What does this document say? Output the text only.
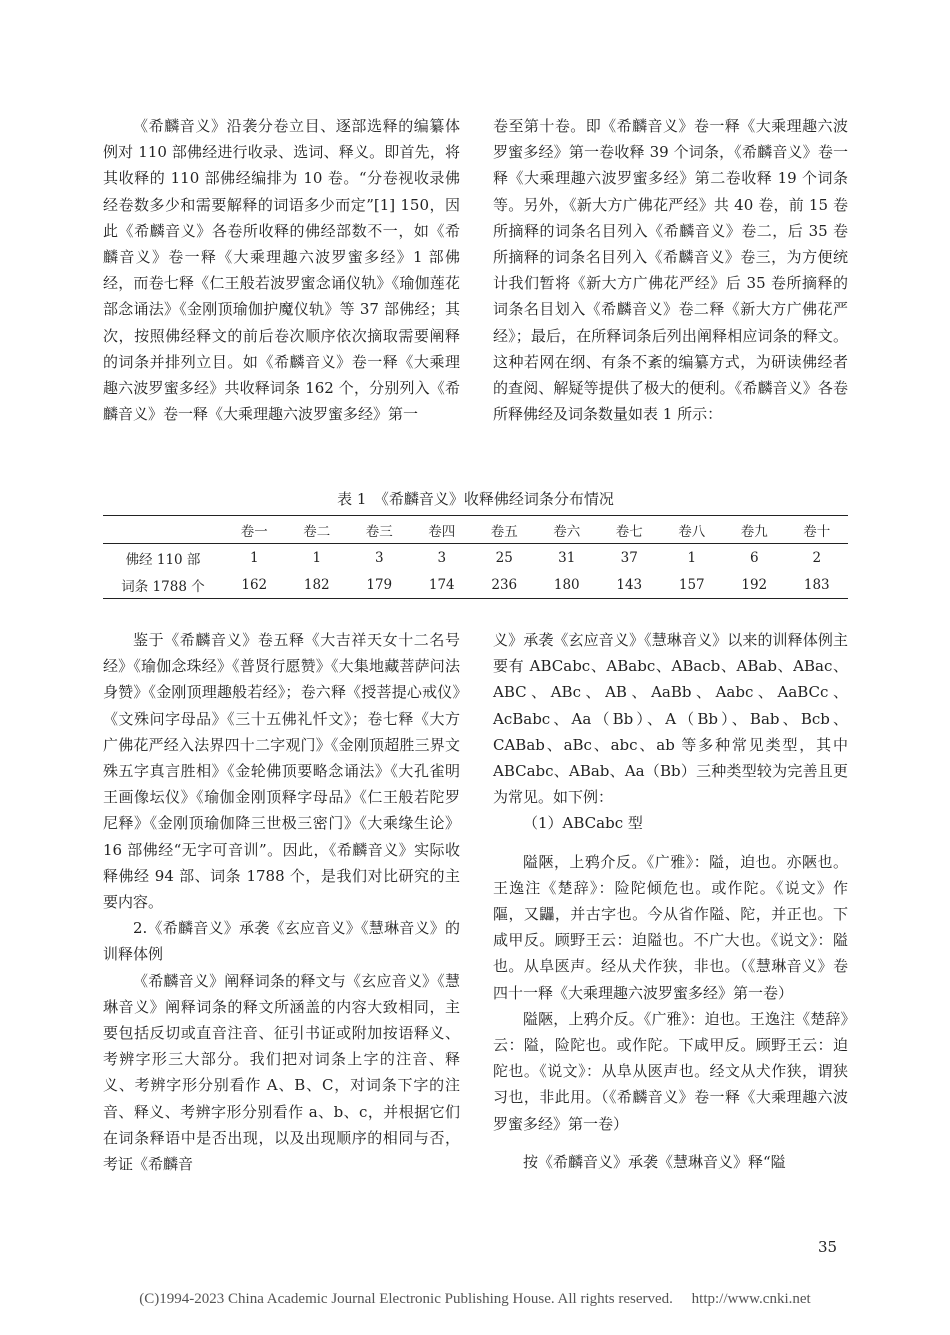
《希麟音义》沿袭分卷立目、逐部选释的编纂体例对 110 部佛经进行收录、选词、释义。即首先，将其收释的 110 部佛经编排为 10 卷。“分卷视收录佛经卷数多少和需要解释的词语多少而定”[1] 150，因此《希麟音义》各卷所收释的佛经部数不一，如《希麟音义》卷一释《大乘理趣六波罗蜜多经》1 部佛经，而卷七释《仁王般若波罗蜜念诵仪轨》《瑜伽莲花部念诵法》《金刚顶瑜伽护魔仪轨》等 37 部佛经；其次，按照佛经释文的前后卷次顺序依次摘取需要阐释的词条并排列立目。如《希麟音义》卷一释《大乘理趣六波罗蜜多经》共收释词条 162 个，分别列入《希麟音义》卷一释《大乘理趣六波罗蜜多经》第一

卷至第十卷。即《希麟音义》卷一释《大乘理趣六波罗蜜多经》第一卷收释 39 个词条，《希麟音义》卷一释《大乘理趣六波罗蜜多经》第二卷收释 19 个词条等。另外，《新大方广佛花严经》共 40 卷，前 15 卷所摘释的词条名目列入《希麟音义》卷二，后 35 卷所摘释的词条名目列入《希麟音义》卷三，为方便统计我们暂将《新大方广佛花严经》后 35 卷所摘释的词条名目划入《希麟音义》卷二释《新大方广佛花严经》；最后，在所释词条后列出阐释相应词条的释文。这种若网在纲、有条不紊的编纂方式，为研读佛经者的查阅、解疑等提供了极大的便利。《希麟音义》各卷所释佛经及词条数量如表 1 所示：

表 1　《希麟音义》收释佛经词条分布情况
	卷一	卷二	卷三	卷四	卷五	卷六	卷七	卷八	卷九	卷十
佛经 110 部	1	1	3	3	25	31	37	1	6	2
词条 1788 个	162	182	179	174	236	180	143	157	192	183

鉴于《希麟音义》卷五释《大吉祥天女十二名号经》《瑜伽念珠经》《普贤行愿赞》《大集地藏菩萨问法身赞》《金刚顶理趣般若经》；卷六释《授菩提心戒仪》《文殊问字母品》《三十五佛礼忏文》；卷七释《大方广佛花严经入法界四十二字观门》《金刚顶超胜三界文殊五字真言胜相》《金轮佛顶要略念诵法》《大孔雀明王画像坛仪》《瑜伽金刚顶释字母品》《仁王般若陀罗尼释》《金刚顶瑜伽降三世极三密门》《大乘缘生论》16 部佛经“无字可音训”。因此，《希麟音义》实际收释佛经 94 部、词条 1788 个，是我们对比研究的主要内容。

2.《希麟音义》承袭《玄应音义》《慧琳音义》的训释体例

《希麟音义》阐释词条的释文与《玄应音义》《慧琳音义》阐释词条的释文所涵盖的内容大致相同，主要包括反切或直音注音、征引书证或附加按语释义、考辨字形三大部分。我们把对词条上字的注音、释义、考辨字形分别看作 A、B、C，对词条下字的注音、释义、考辨字形分别看作 a、b、c，并根据它们在词条释语中是否出现，以及出现顺序的相同与否，考证《希麟音

义》承袭《玄应音义》《慧琳音义》以来的训释体例主要有 ABCabc、ABabc、ABacb、ABab、ABac、ABC、ABc、AB、AaBb、Aabc、AaBCc、AcBabc、Aa（Bb）、A（Bb）、Bab、Bcb、CABab、aBc、abc、ab 等多种常见类型，其中 ABCabc、ABab、Aa（Bb）三种类型较为完善且更为常见。如下例：

（1）ABCabc 型

隘陿，上鸦介反。《广雅》：隘，迫也。亦陿也。王逸注《楚辞》：险陀倾危也。或作陀。《说文》作䧢，又鼺，并古字也。今从省作隘、陀，并正也。下咸甲反。顾野王云：迫隘也。不广大也。《说文》：隘也。从阜匧声。经从犬作狭，非也。（《慧琳音义》卷四十一释《大乘理趣六波罗蜜多经》第一卷）

隘陿，上鸦介反。《广雅》：迫也。王逸注《楚辞》云：隘，险陀也。或作陀。下咸甲反。顾野王云：迫陀也。《说文》：从阜从匧声也。经文从犬作狭，谓狭习也，非此用。（《希麟音义》卷一释《大乘理趣六波罗蜜多经》第一卷）

按《希麟音义》承袭《慧琳音义》释“隘

35
(C)1994-2023 China Academic Journal Electronic Publishing House. All rights reserved.　 http://www.cnki.net
